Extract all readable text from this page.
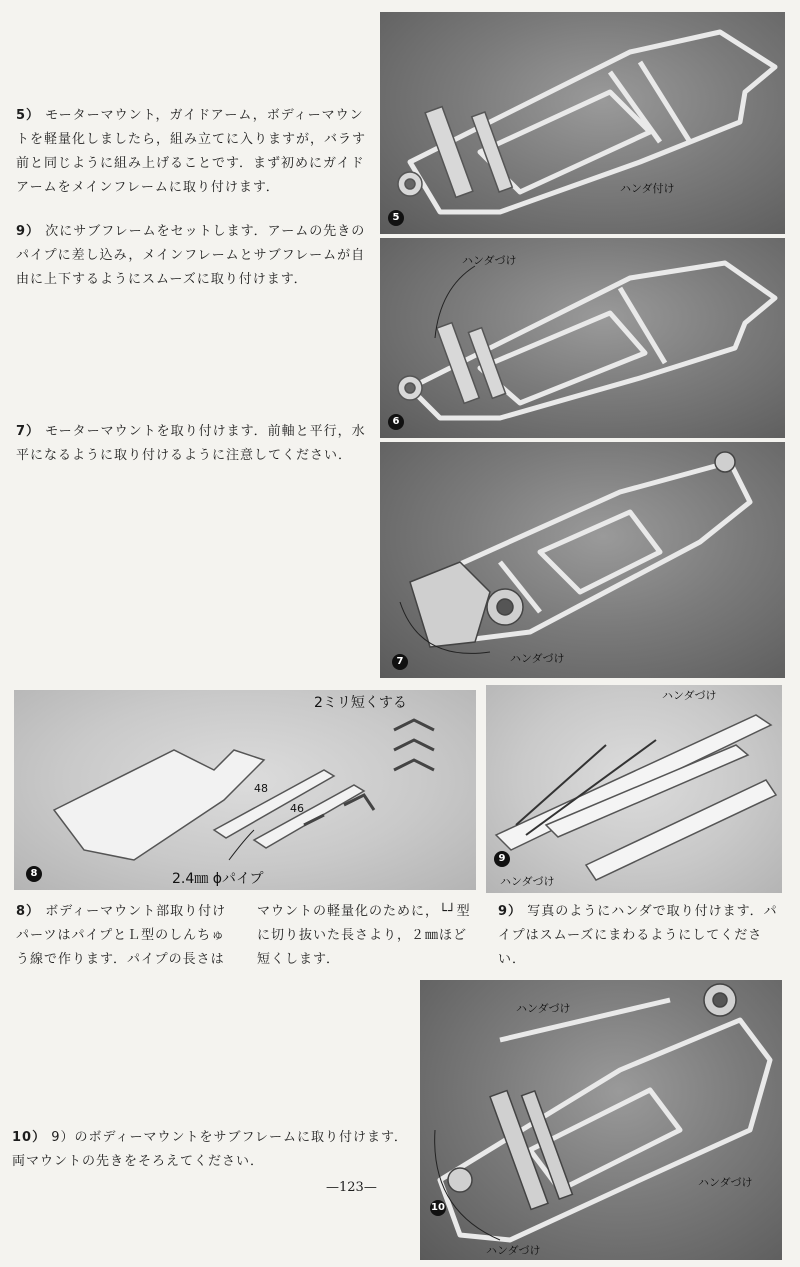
5） モーターマウント，ガイドアーム，ボディーマウントを軽量化しましたら，組み立てに入りますが，バラす前と同じように組み上げることです．まず初めにガイドアームをメインフレームに取り付けます．
9） 次にサブフレームをセットします．アームの先きのパイプに差し込み，メインフレームとサブフレームが自由に上下するようにスムーズに取り付けます．
7） モーターマウントを取り付けます．前軸と平行，水平になるように取り付けるように注意してください．
ハンダ付け
5
ハンダづけ
6
ハンダづけ
7
2ミリ短くする
48
46
2.4㎜ ϕパイプ
8
ハンダづけ
ハンダづけ
9
8） ボディーマウント部取り付けパーツはパイプとＬ型のしんちゅう線で作ります．パイプの長さはマウントの軽量化のために，└┘型に切り抜いた長さより，２㎜ほど短くします．
9） 写真のようにハンダで取り付けます．パイプはスムーズにまわるようにしてください．
ハンダづけ
ハンダづけ
ハンダづけ
10
10） 9）のボディーマウントをサブフレームに取り付けます．両マウントの先きをそろえてください．
—123—
